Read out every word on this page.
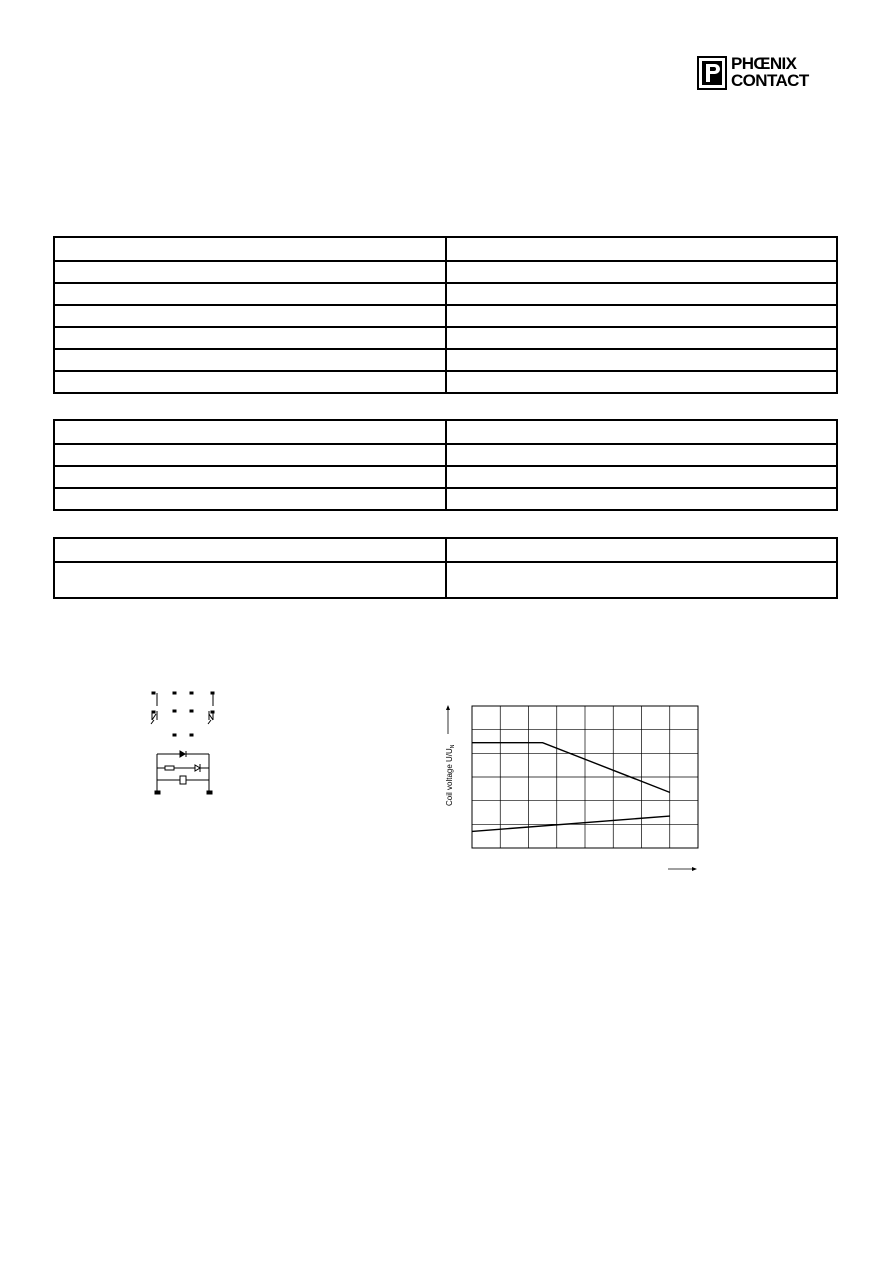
PHŒNIX
CONTACT
Coil voltage $U/U_N$
